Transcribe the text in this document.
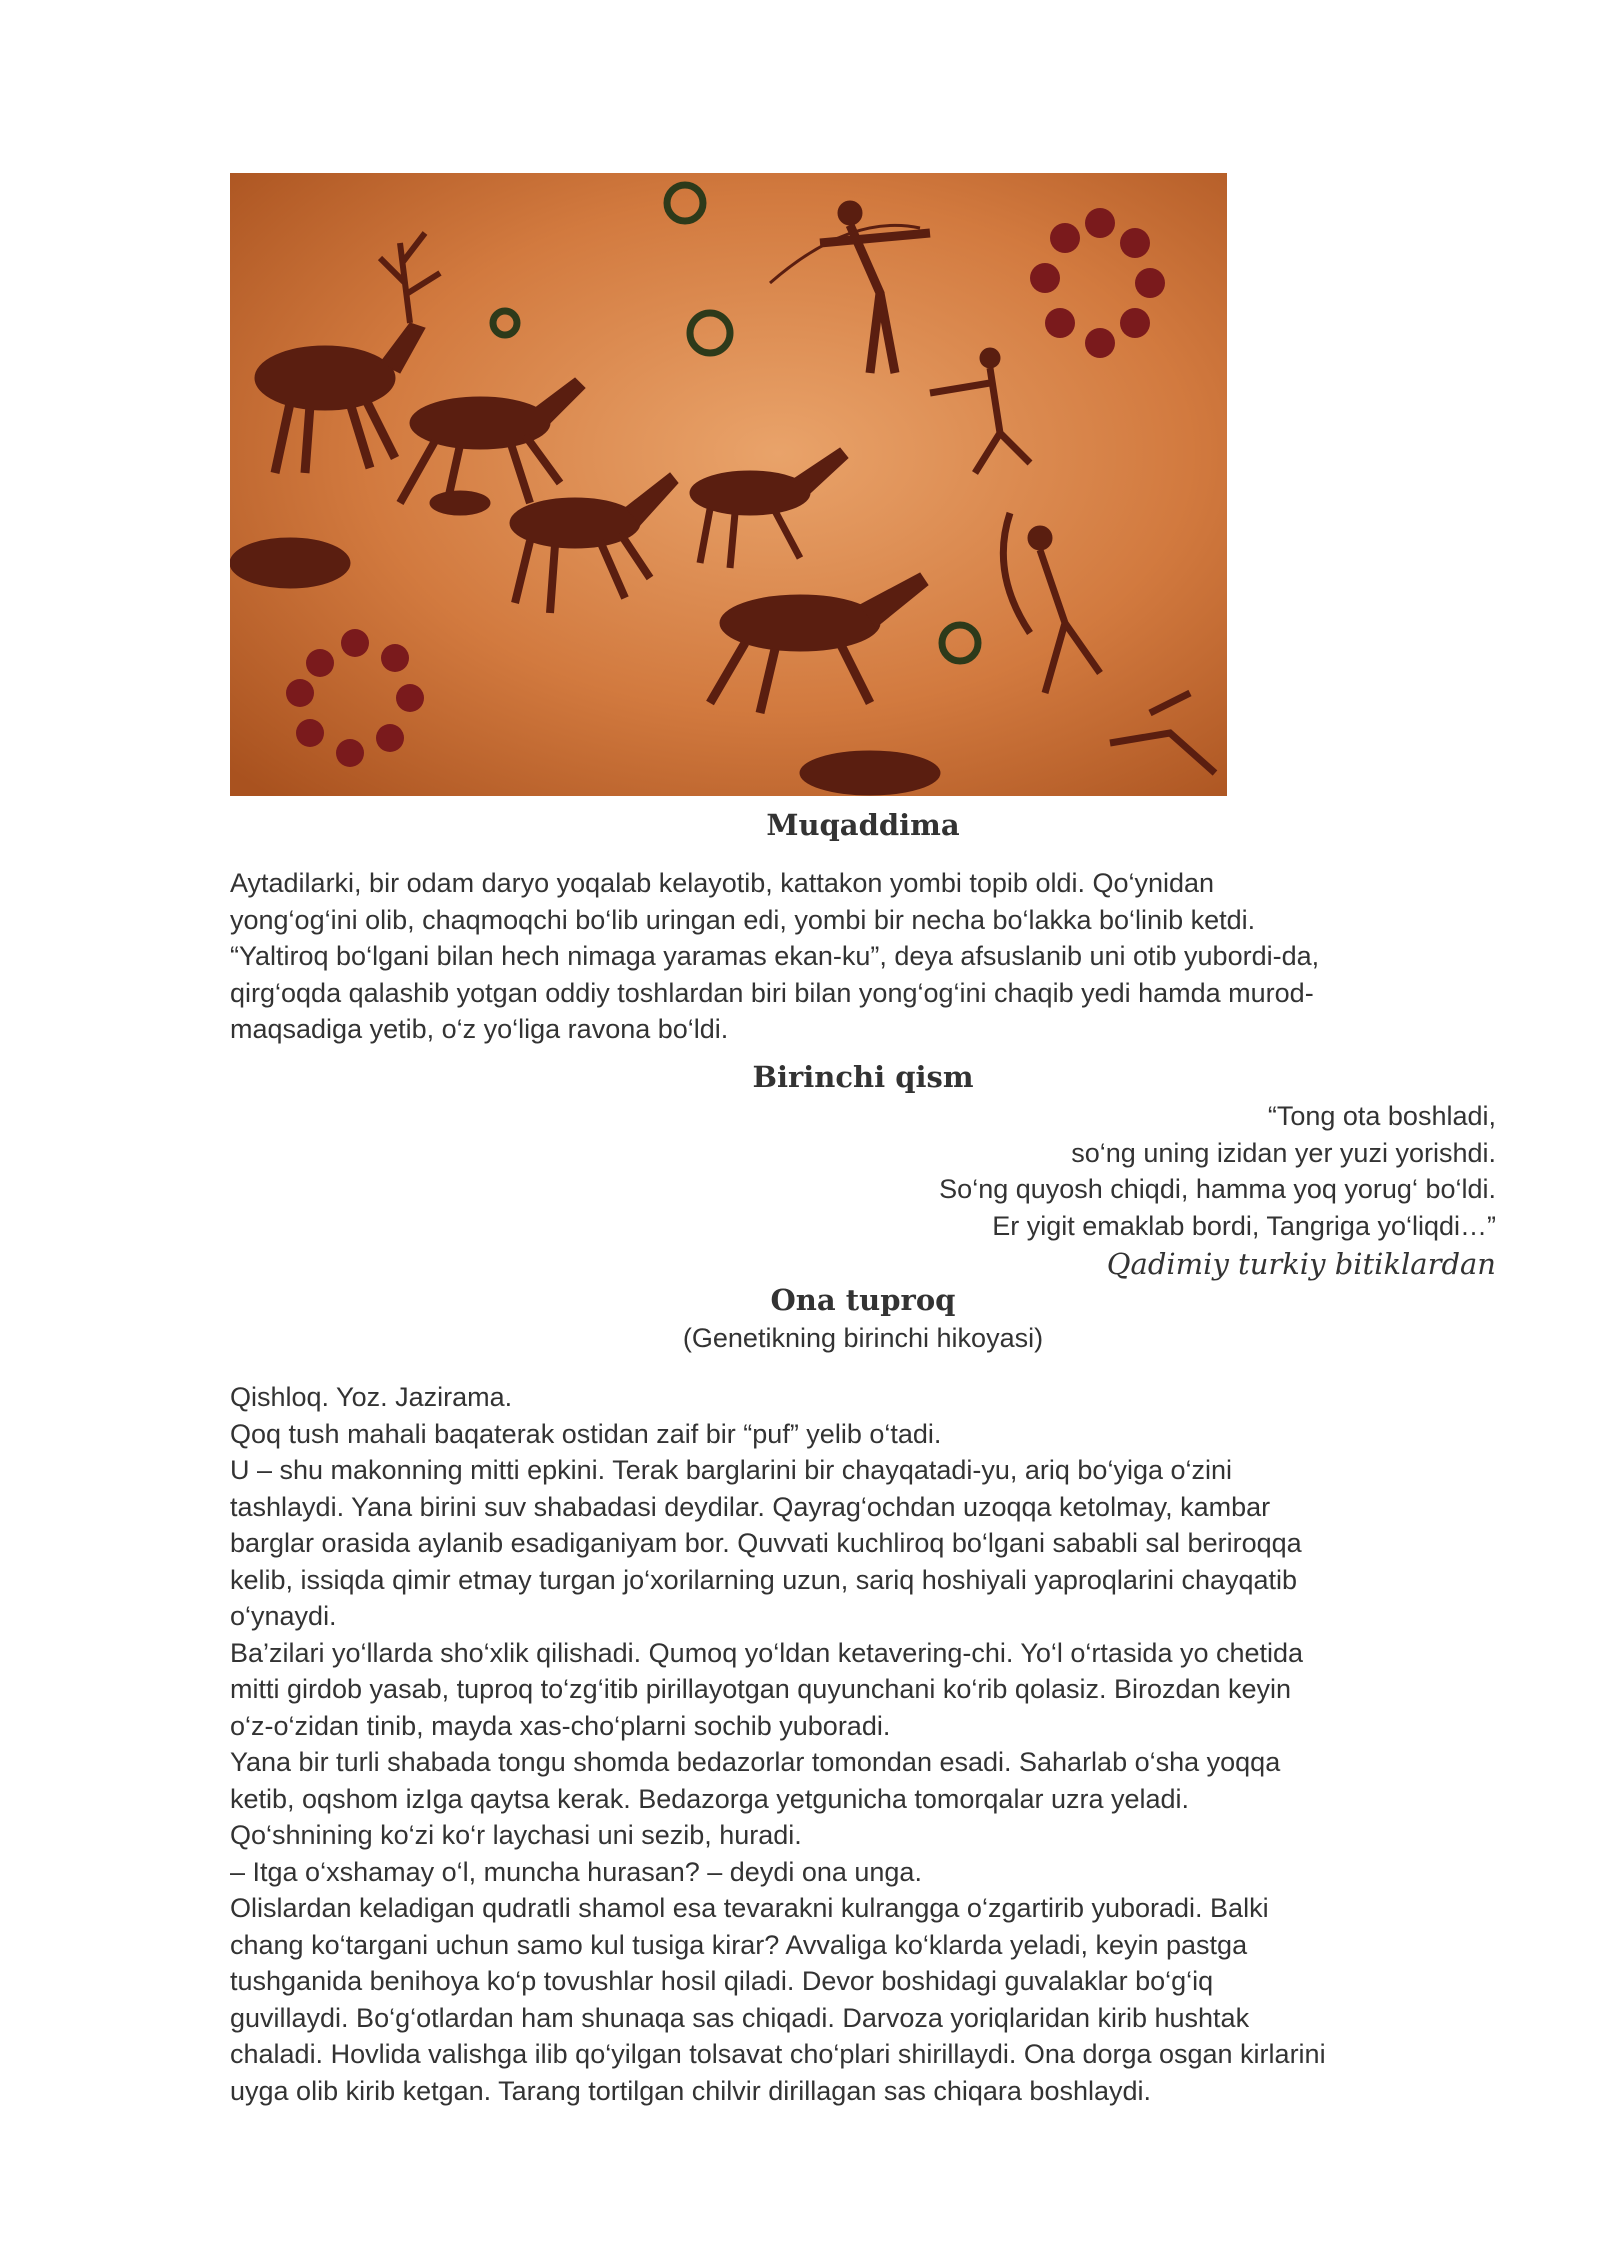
Muqaddima

Aytadilarki, bir odam daryo yoqalab kelayotib, kattakon yombi topib oldi. Qo‘ynidan

yong‘og‘ini olib, chaqmoqchi bo‘lib uringan edi, yombi bir necha bo‘lakka bo‘linib ketdi.

“Yaltiroq bo‘lgani bilan hech nimaga yaramas ekan-ku”, deya afsuslanib uni otib yubordi-da,

qirg‘oqda qalashib yotgan oddiy toshlardan biri bilan yong‘og‘ini chaqib yedi hamda murod-

maqsadiga yetib, o‘z yo‘liga ravona bo‘ldi.

Birinchi qism
“Tong ota boshladi,
so‘ng uning izidan yer yuzi yorishdi.
So‘ng quyosh chiqdi, hamma yoq yorug‘ bo‘ldi.
Er yigit emaklab bordi, Tangriga yo‘liqdi…”
Qadimiy turkiy bitiklardan
Ona tuproq
(Genetikning birinchi hikoyasi)

Qishloq. Yoz. Jazirama.

Qoq tush mahali baqaterak ostidan zaif bir “puf” yelib o‘tadi.

U – shu makonning mitti epkini. Terak barglarini bir chayqatadi-yu, ariq bo‘yiga o‘zini

tashlaydi. Yana birini suv shabadasi deydilar. Qayrag‘ochdan uzoqqa ketolmay, kambar

barglar orasida aylanib esadiganiyam bor. Quvvati kuchliroq bo‘lgani sababli sal beriroqqa

kelib, issiqda qimir etmay turgan jo‘xorilarning uzun, sariq hoshiyali yaproqlarini chayqatib

o‘ynaydi.

Ba’zilari yo‘llarda sho‘xlik qilishadi. Qumoq yo‘ldan ketavering-chi. Yo‘l o‘rtasida yo chetida

mitti girdob yasab, tuproq to‘zg‘itib pirillayotgan quyunchani ko‘rib qolasiz. Birozdan keyin

o‘z-o‘zidan tinib, mayda xas-cho‘plarni sochib yuboradi.

Yana bir turli shabada tongu shomda bedazorlar tomondan esadi. Saharlab o‘sha yoqqa

ketib, oqshom izIga qaytsa kerak. Bedazorga yetgunicha tomorqalar uzra yeladi.

Qo‘shnining ko‘zi ko‘r laychasi uni sezib, huradi.

– Itga o‘xshamay o‘l, muncha hurasan? – deydi ona unga.

Olislardan keladigan qudratli shamol esa tevarakni kulrangga o‘zgartirib yuboradi. Balki

chang ko‘targani uchun samo kul tusiga kirar? Avvaliga ko‘klarda yeladi, keyin pastga

tushganida benihoya ko‘p tovushlar hosil qiladi. Devor boshidagi guvalaklar bo‘g‘iq

guvillaydi. Bo‘g‘otlardan ham shunaqa sas chiqadi. Darvoza yoriqlaridan kirib hushtak

chaladi. Hovlida valishga ilib qo‘yilgan tolsavat cho‘plari shirillaydi. Ona dorga osgan kirlarini

uyga olib kirib ketgan. Tarang tortilgan chilvir dirillagan sas chiqara boshlaydi.
